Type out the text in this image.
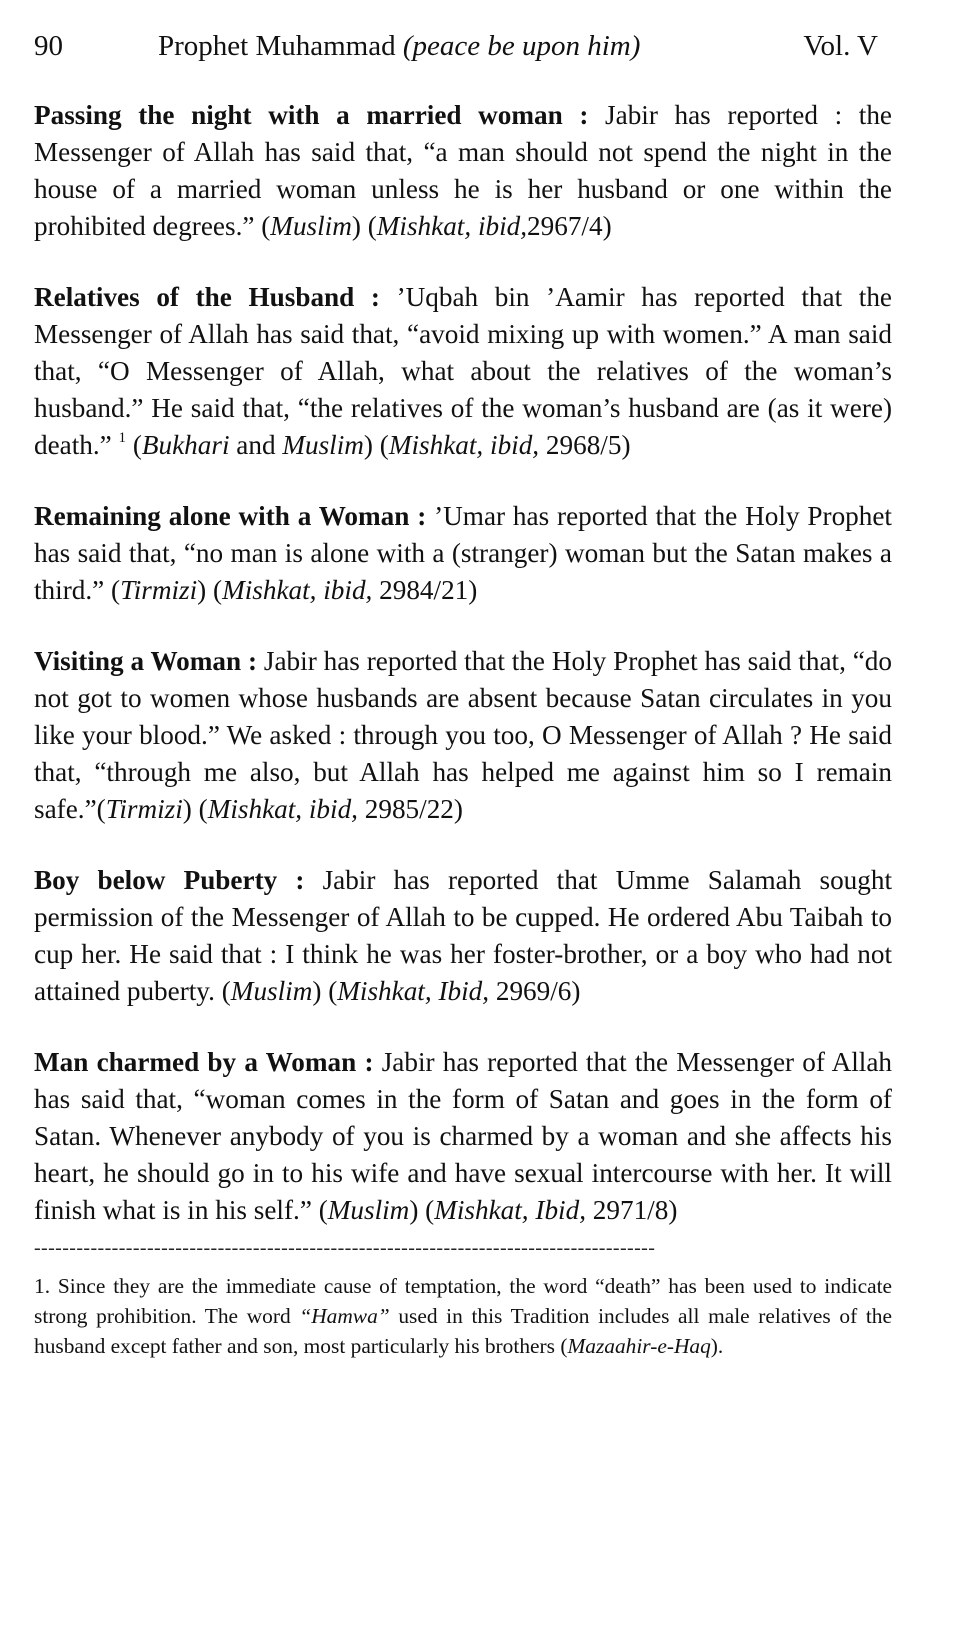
90	Prophet Muhammad (peace be upon him)	Vol. V

Passing the night with a married woman : Jabir has reported : the Messenger of Allah has said that, “a man should not spend the night in the house of a married woman unless he is her husband or one within the prohibited degrees.” (Muslim) (Mishkat, ibid,2967/4)

Relatives of the Husband : ’Uqbah bin ’Aamir has reported that the Messenger of Allah has said that, “avoid mixing up with women.” A man said that, “O Messenger of Allah, what about the relatives of the woman’s husband.” He said that, “the relatives of the woman’s husband are (as it were) death.” $^1$ (Bukhari and Muslim) (Mishkat, ibid, 2968/5)

Remaining alone with a Woman : ’Umar has reported that the Holy Prophet has said that, “no man is alone with a (stranger) woman but the Satan makes a third.” (Tirmizi) (Mishkat, ibid, 2984/21)

Visiting a Woman : Jabir has reported that the Holy Prophet has said that, “do not got to women whose husbands are absent because Satan circulates in you like your blood.” We asked : through you too, O Messenger of Allah ? He said that, “through me also, but Allah has helped me against him so I remain safe.”(Tirmizi) (Mishkat, ibid, 2985/22)

Boy below Puberty : Jabir has reported that Umme Salamah sought permission of the Messenger of Allah to be cupped. He ordered Abu Taibah to cup her. He said that : I think he was her foster-brother, or a boy who had not attained puberty. (Muslim) (Mishkat, Ibid, 2969/6)

Man charmed by a Woman : Jabir has reported that the Messenger of Allah has said that, “woman comes in the form of Satan and goes in the form of Satan. Whenever anybody of you is charmed by a woman and she affects his heart, he should go in to his wife and have sexual intercourse with her. It will finish what is in his self.” (Muslim) (Mishkat, Ibid, 2971/8)

----------------------------------------------------------------------------------------

1. Since they are the immediate cause of temptation, the word “death” has been used to indicate strong prohibition. The word “Hamwa” used in this Tradition includes all male relatives of the husband except father and son, most particularly his brothers (Mazaahir-e-Haq).
